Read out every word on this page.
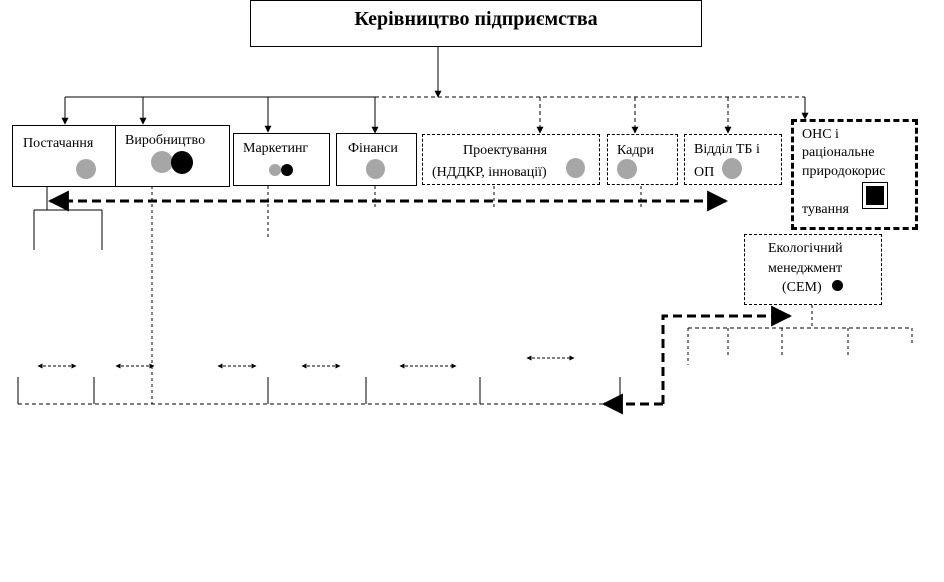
Керівництво підприємства
Постачання Виробництво
Маркетинг	Фінанси	Проектування
(НДДКР, інновації)
Кадри	Відділ ТБ і
ОП
ОНС і
раціональне
природокорис
тування
Екологічний
менеджмент
(СЕМ)
